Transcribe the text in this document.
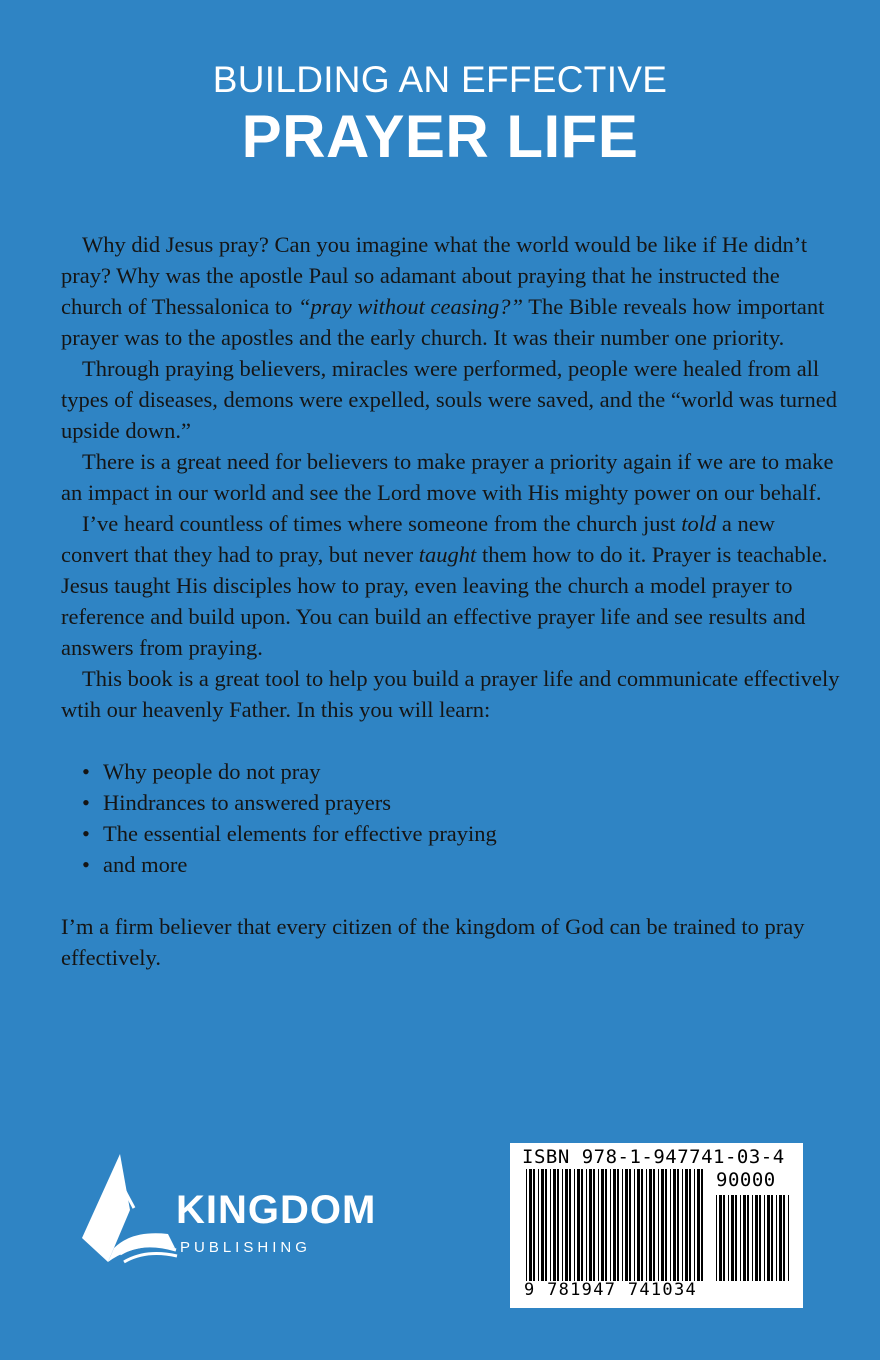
BUILDING AN EFFECTIVE
PRAYER LIFE

Why did Jesus pray? Can you imagine what the world would be like if He didn’t pray? Why was the apostle Paul so adamant about praying that he instructed the church of Thessalonica to “pray without ceasing?” The Bible reveals how important prayer was to the apostles and the early church. It was their number one priority.

Through praying believers, miracles were performed, people were healed from all types of diseases, demons were expelled, souls were saved, and the “world was turned upside down.”

There is a great need for believers to make prayer a priority again if we are to make an impact in our world and see the Lord move with His mighty power on our behalf.

I’ve heard countless of times where someone from the church just told a new convert that they had to pray, but never taught them how to do it. Prayer is teachable. Jesus taught His disciples how to pray, even leaving the church a model prayer to reference and build upon. You can build an effective prayer life and see results and answers from praying.

This book is a great tool to help you build a prayer life and communicate effectively wtih our heavenly Father. In this you will learn:

• Why people do not pray
• Hindrances to answered prayers
• The essential elements for effective praying
• and more

I’m a firm believer that every citizen of the kingdom of God can be trained to pray effectively.

KINGDOM
PUBLISHING
ISBN 978-1-947741-03-4
90000
9 781947 741034
